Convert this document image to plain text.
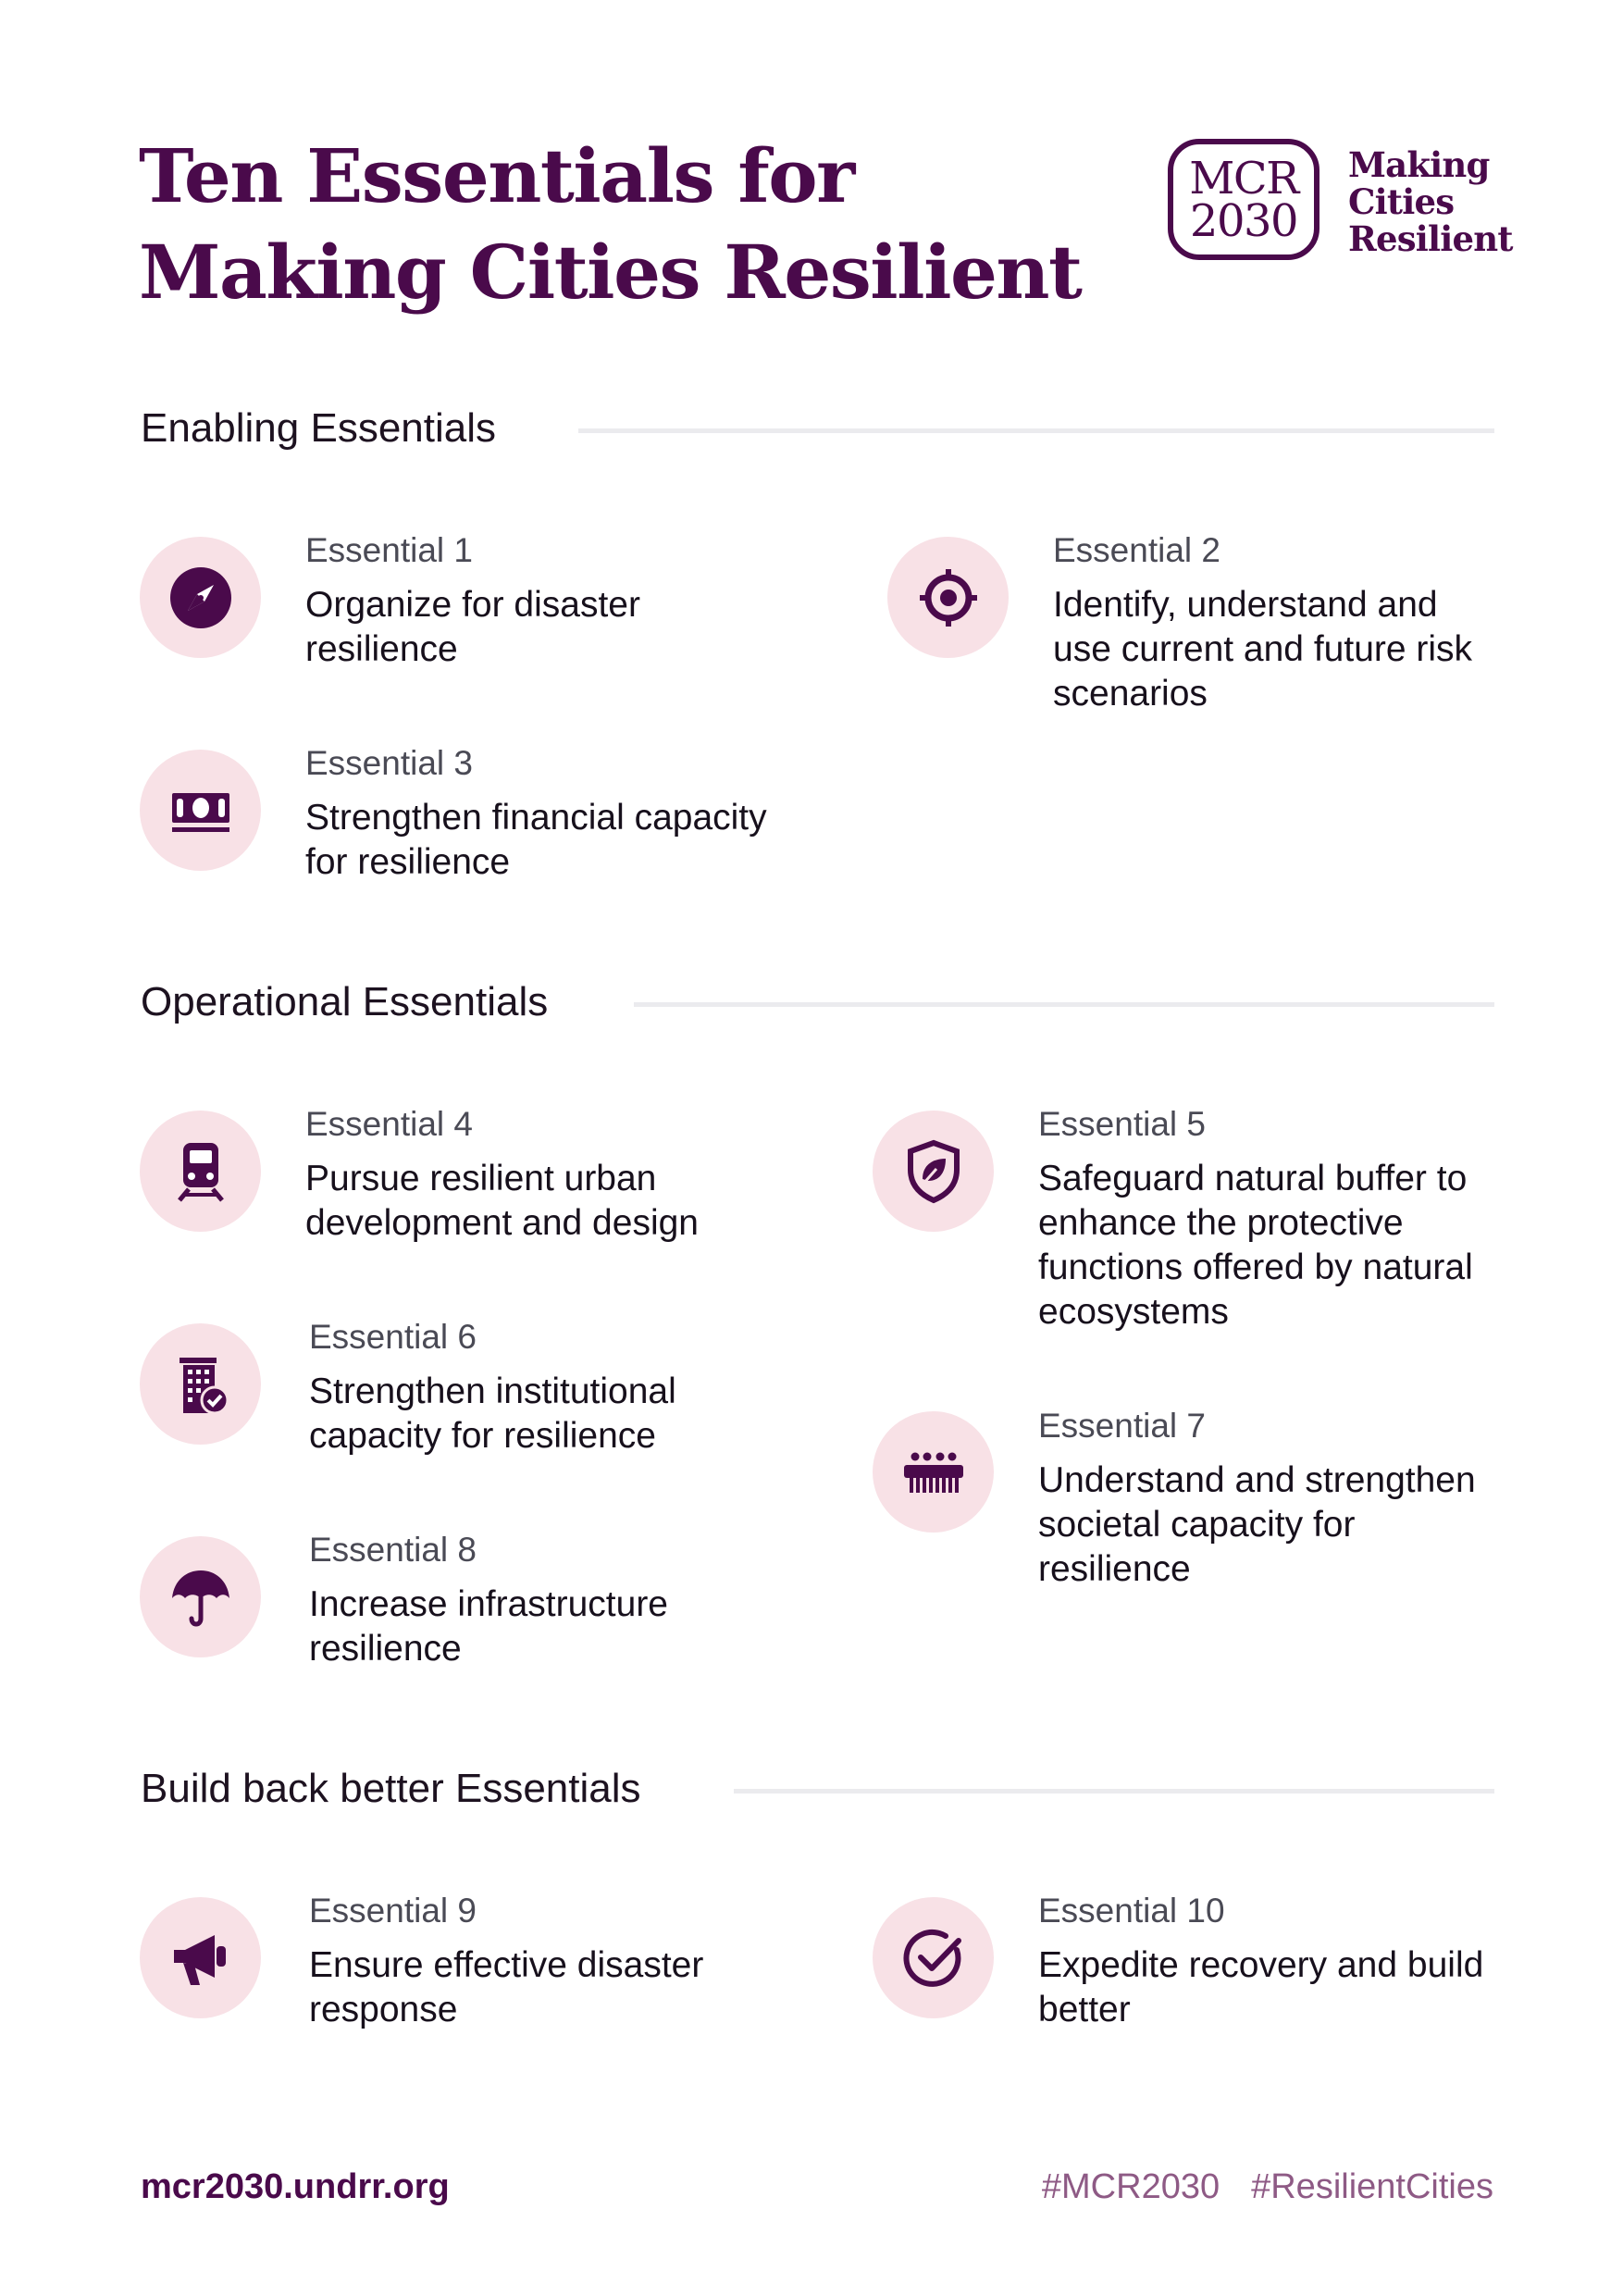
Ten Essentials for
Making Cities Resilient
MCR
2030
Making
Cities
Resilient
Enabling Essentials
Essential 1
Organize for disaster resilience
Essential 2
Identify, understand and use current and future risk scenarios
Essential 3
Strengthen financial capacity for resilience
Operational Essentials
Essential 4
Pursue resilient urban development and design
Essential 5
Safeguard natural buffer to enhance the protective functions offered by natural ecosystems
Essential 6
Strengthen institutional capacity for resilience	Essential 7
Understand and strengthen societal capacity for resilience
Essential 8
Increase infrastructure resilience
Build back better Essentials
Essential 9
Ensure effective disaster response
Essential 10
Expedite recovery and build better
mcr2030.undrr.org	#MCR2030 #ResilientCities
